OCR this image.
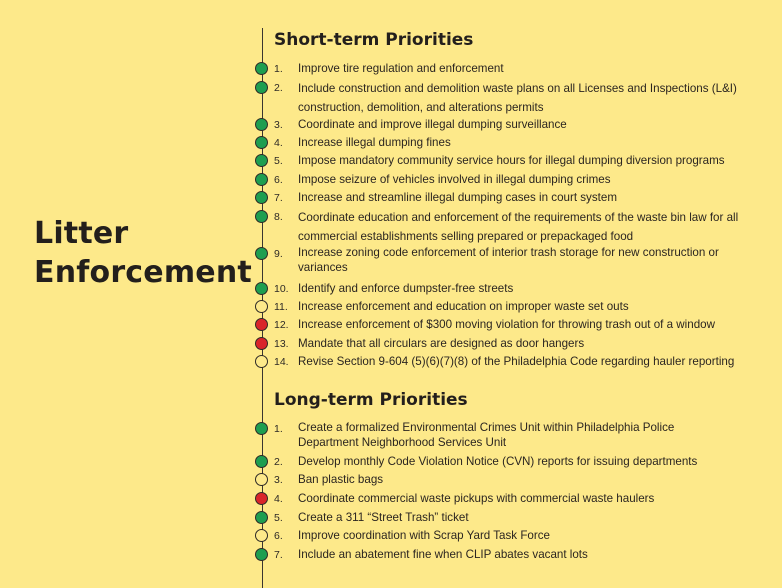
Litter Enforcement
Short-term Priorities
Long-term Priorities
1. Improve tire regulation and enforcement
2. Include construction and demolition waste plans on all Licenses and Inspections (L&I) construction, demolition, and alterations permits
3. Coordinate and improve illegal dumping surveillance
4. Increase illegal dumping fines
5. Impose mandatory community service hours for illegal dumping diversion programs
6. Impose seizure of vehicles involved in illegal dumping crimes
7. Increase and streamline illegal dumping cases in court system
8. Coordinate education and enforcement of the requirements of the waste bin law for all commercial establishments selling prepared or prepackaged food
9. Increase zoning code enforcement of interior trash storage for new construction or variances
10. Identify and enforce dumpster-free streets
11. Increase enforcement and education on improper waste set outs
12. Increase enforcement of $300 moving violation for throwing trash out of a window
13. Mandate that all circulars are designed as door hangers
14. Revise Section 9-604 (5)(6)(7)(8) of the Philadelphia Code regarding hauler reporting
1. Create a formalized Environmental Crimes Unit within Philadelphia Police Department Neighborhood Services Unit
2. Develop monthly Code Violation Notice (CVN) reports for issuing departments
3. Ban plastic bags
4. Coordinate commercial waste pickups with commercial waste haulers
5. Create a 311 “Street Trash” ticket
6. Improve coordination with Scrap Yard Task Force
7. Include an abatement fine when CLIP abates vacant lots
